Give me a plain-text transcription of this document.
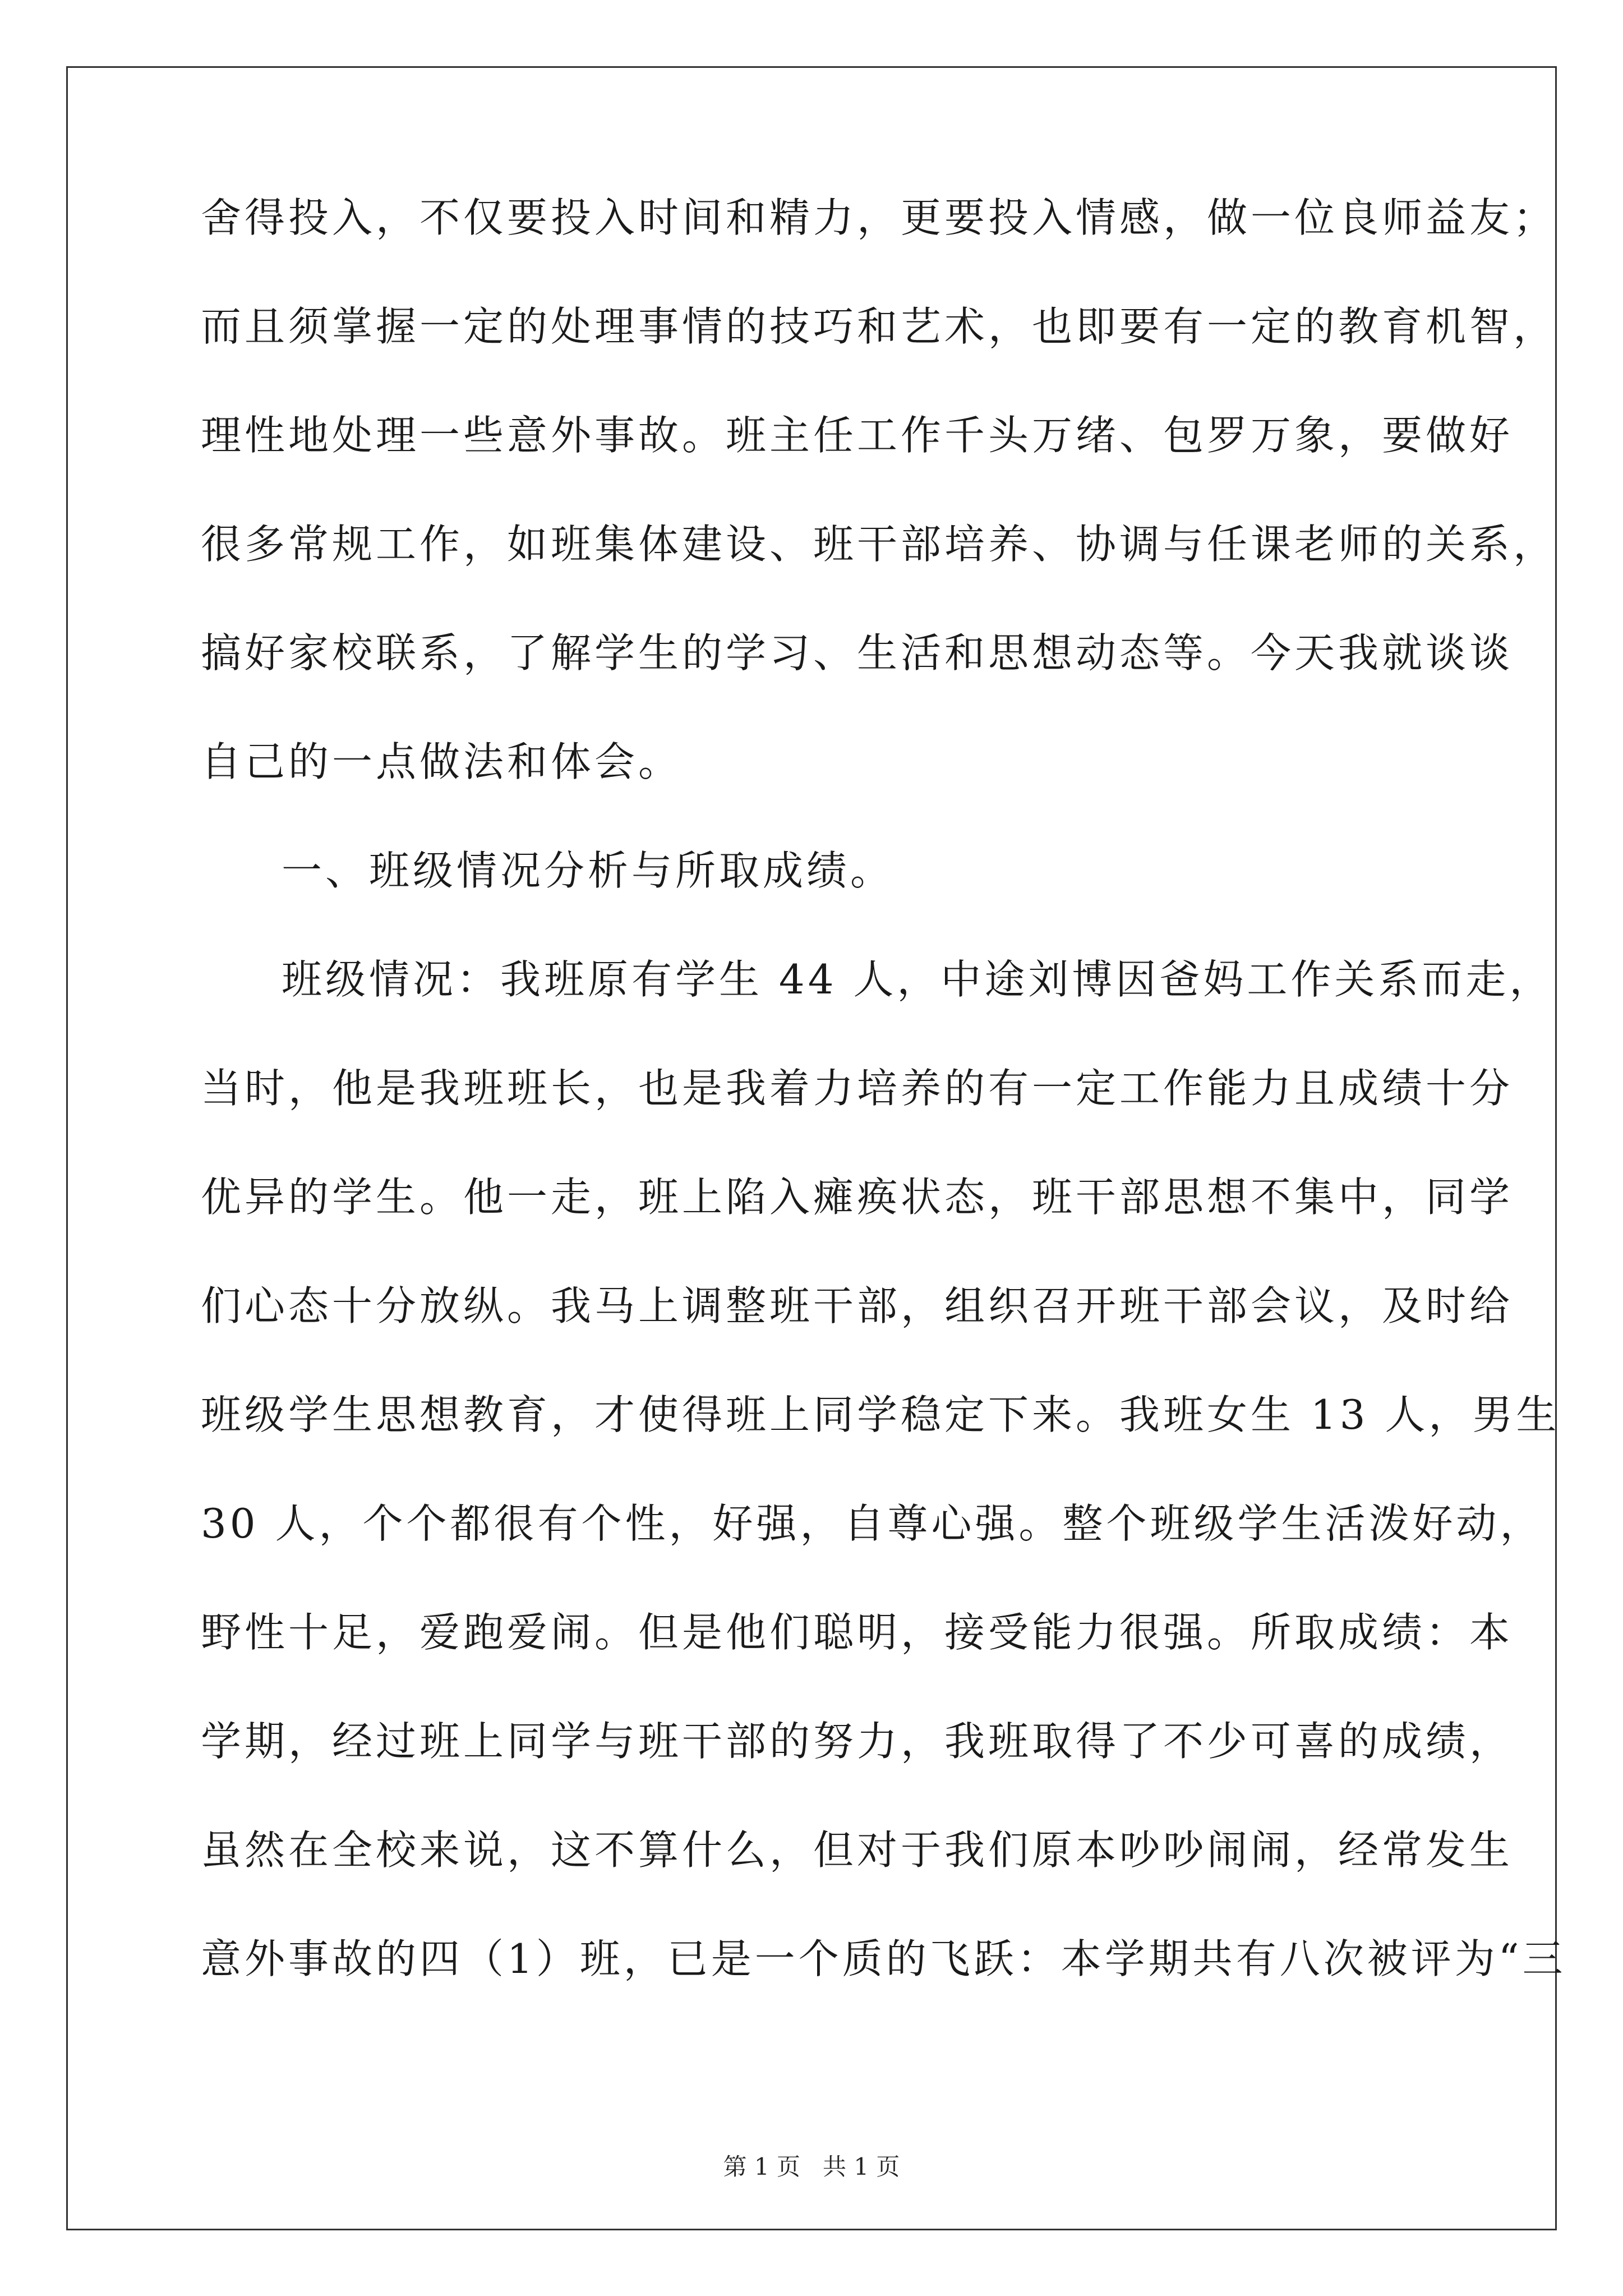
舍得投入，不仅要投入时间和精力，更要投入情感，做一位良师益友；
而且须掌握一定的处理事情的技巧和艺术，也即要有一定的教育机智，
理性地处理一些意外事故。班主任工作千头万绪、包罗万象，要做好
很多常规工作，如班集体建设、班干部培养、协调与任课老师的关系，
搞好家校联系，了解学生的学习、生活和思想动态等。今天我就谈谈
自己的一点做法和体会。
一、班级情况分析与所取成绩。
班级情况：我班原有学生 44 人，中途刘博因爸妈工作关系而走，
当时，他是我班班长，也是我着力培养的有一定工作能力且成绩十分
优异的学生。他一走，班上陷入瘫痪状态，班干部思想不集中，同学
们心态十分放纵。我马上调整班干部，组织召开班干部会议，及时给
班级学生思想教育，才使得班上同学稳定下来。我班女生 13 人，男生
30 人，个个都很有个性，好强，自尊心强。整个班级学生活泼好动，
野性十足，爱跑爱闹。但是他们聪明，接受能力很强。所取成绩：本
学期，经过班上同学与班干部的努力，我班取得了不少可喜的成绩，
虽然在全校来说，这不算什么，但对于我们原本吵吵闹闹，经常发生
意外事故的四（1）班，已是一个质的飞跃：本学期共有八次被评为“三
第 1 页 共 1 页
